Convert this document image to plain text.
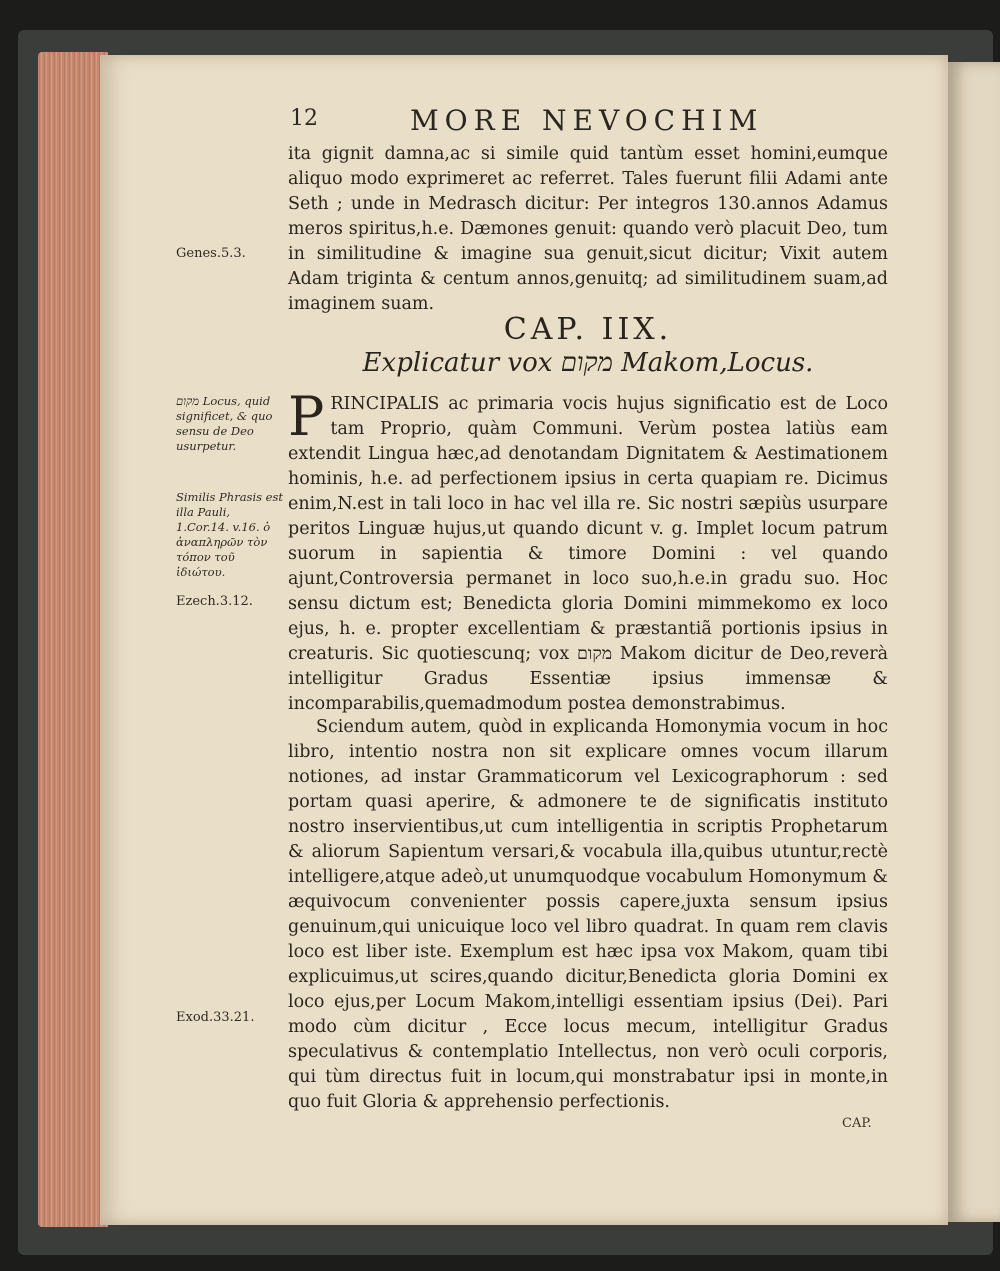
12	MORE NEVOCHIM

ita gignit damna,ac si simile quid tantùm esset homini,eumque aliquo modo exprimeret ac referret. Tales fuerunt filii Adami ante Seth ; unde in Medrasch dicitur: Per integros 130.annos Adamus meros spiritus,h.e. Dæmones genuit: quando verò placuit Deo, tum in similitudine & imagine sua genuit,sicut dicitur; Vixit autem Adam triginta & centum annos,genuitq; ad similitudinem suam,ad imaginem suam.

CAP. IIX.
Explicatur vox מקום Makom,Locus.
P RINCIPALIS ac primaria vocis hujus significatio est de Loco tam Proprio, quàm Communi. Verùm postea latiùs eam extendit Lingua hæc,ad denotandam Dignitatem & Aestimationem hominis, h.e. ad perfectionem ipsius in certa quapiam re. Dicimus enim,N.est in tali loco in hac vel illa re. Sic nostri sæpiùs usurpare peritos Linguæ hujus,ut quando dicunt v. g. Implet locum patrum suorum in sapientia & timore Domini : vel quando ajunt,Controversia permanet in loco suo,h.e.in gradu suo. Hoc sensu dictum est; Benedicta gloria Domini mimmekomo ex loco ejus, h. e. propter excellentiam & præstantiã portionis ipsius in creaturis. Sic quotiescunq; vox מקום Makom dicitur de Deo,reverà intelligitur Gradus Essentiæ ipsius immensæ & incomparabilis,quemadmodum postea demonstrabimus.

Sciendum autem, quòd in explicanda Homonymia vocum in hoc libro, intentio nostra non sit explicare omnes vocum illarum notiones, ad instar Grammaticorum vel Lexicographorum : sed portam quasi aperire, & admonere te de significatis instituto nostro inservientibus,ut cum intelligentia in scriptis Prophetarum & aliorum Sapientum versari,& vocabula illa,quibus utuntur,rectè intelligere,atque adeò,ut unumquodque vocabulum Homonymum & æquivocum convenienter possis capere,juxta sensum ipsius genuinum,qui unicuique loco vel libro quadrat. In quam rem clavis loco est liber iste. Exemplum est hæc ipsa vox Makom, quam tibi explicuimus,ut scires,quando dicitur,Benedicta gloria Domini ex loco ejus,per Locum Makom,intelligi essentiam ipsius (Dei). Pari modo cùm dicitur , Ecce locus mecum, intelligitur Gradus speculativus & contemplatio Intellectus, non verò oculi corporis, qui tùm directus fuit in locum,qui monstrabatur ipsi in monte,in quo fuit Gloria & apprehensio perfectionis.

Genes.5.3.
מקום Locus, quid significet, & quo sensu de Deo usurpetur.
Similis Phrasis est illa Pauli, 1.Cor.14. v.16. ὁ ἀναπληρῶν τὸν τόπον τοῦ ἰδιώτου.
Ezech.3.12.
Exod.33.21.
CAP.
